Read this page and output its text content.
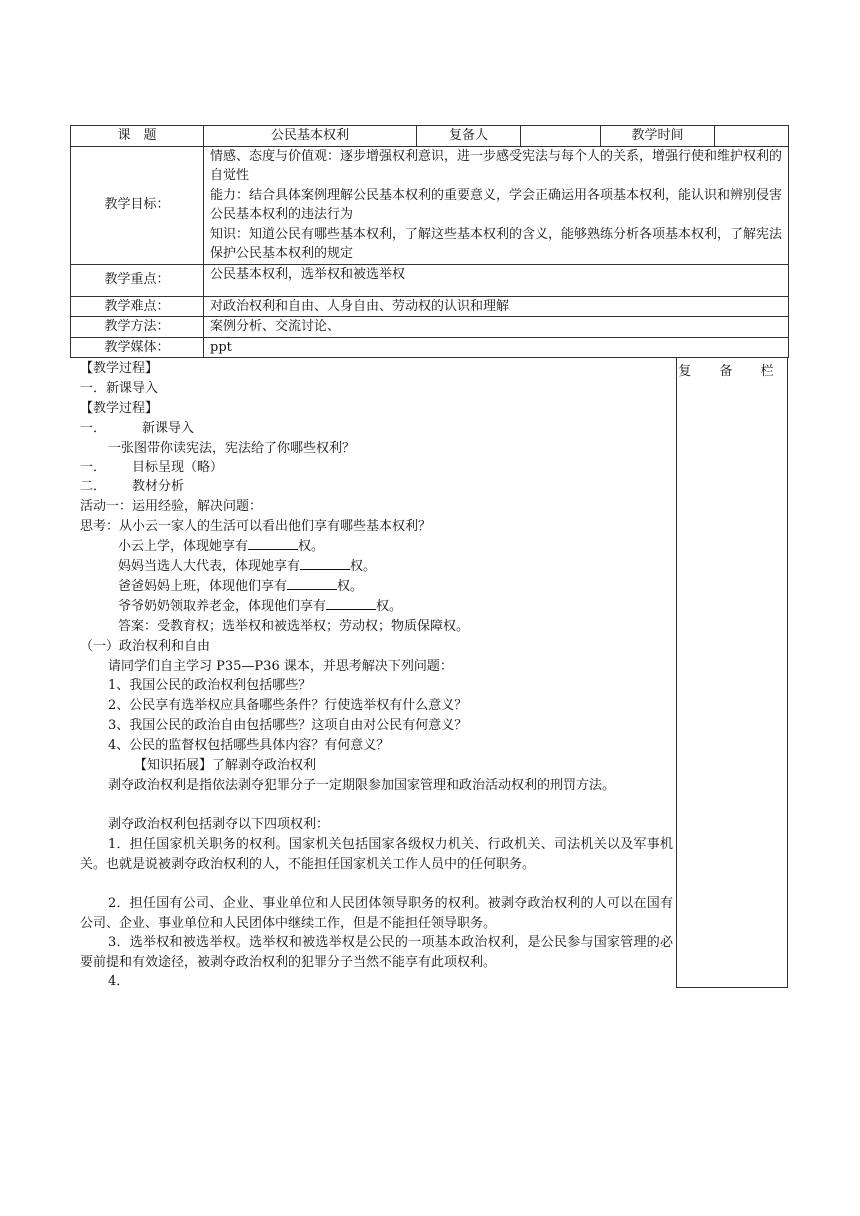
课　题	公民基本权利	复备人		教学时间	
教学目标：	情感、态度与价值观：逐步增强权利意识，进一步感受宪法与每个人的关系，增强行使和维护权利的自觉性
能力：结合具体案例理解公民基本权利的重要意义，学会正确运用各项基本权利，能认识和辨别侵害公民基本权利的违法行为
知识：知道公民有哪些基本权利，了解这些基本权利的含义，能够熟练分析各项基本权利，了解宪法保护公民基本权利的规定				

教学重点：	公民基本权利，选举权和被选举权				
教学难点：	对政治权利和自由、人身自由、劳动权的认识和理解				
教学方法：	案例分析、交流讨论、				
教学媒体：	ppt				
复 备 栏
【教学过程】
一．新课导入
【教学过程】
一．	新课导入
一张图带你读宪法，宪法给了你哪些权利？
一． 目标呈现（略）
二． 教材分析
活动一：运用经验，解决问题：
思考：从小云一家人的生活可以看出他们享有哪些基本权利？
小云上学，体现她享有	权。
妈妈当选人大代表，体现她享有	权。
爸爸妈妈上班，体现他们享有	权。
爷爷奶奶领取养老金，体现他们享有	权。
答案：受教育权；选举权和被选举权；劳动权；物质保障权。
（一）政治权利和自由
请同学们自主学习 P35—P36 课本，并思考解决下列问题：
1、我国公民的政治权利包括哪些？
2、公民享有选举权应具备哪些条件？行使选举权有什么意义？
3、我国公民的政治自由包括哪些？这项自由对公民有何意义？
4、公民的监督权包括哪些具体内容？有何意义？
【知识拓展】了解剥夺政治权利
剥夺政治权利是指依法剥夺犯罪分子一定期限参加国家管理和政治活动权利的刑罚方法。
剥夺政治权利包括剥夺以下四项权利：
1．担任国家机关职务的权利。国家机关包括国家各级权力机关、行政机关、司法机关以及军事机关。也就是说被剥夺政治权利的人，不能担任国家机关工作人员中的任何职务。
2．担任国有公司、企业、事业单位和人民团体领导职务的权利。被剥夺政治权利的人可以在国有公司、企业、事业单位和人民团体中继续工作，但是不能担任领导职务。
3．选举权和被选举权。选举权和被选举权是公民的一项基本政治权利，是公民参与国家管理的必要前提和有效途径，被剥夺政治权利的犯罪分子当然不能享有此项权利。
4．
